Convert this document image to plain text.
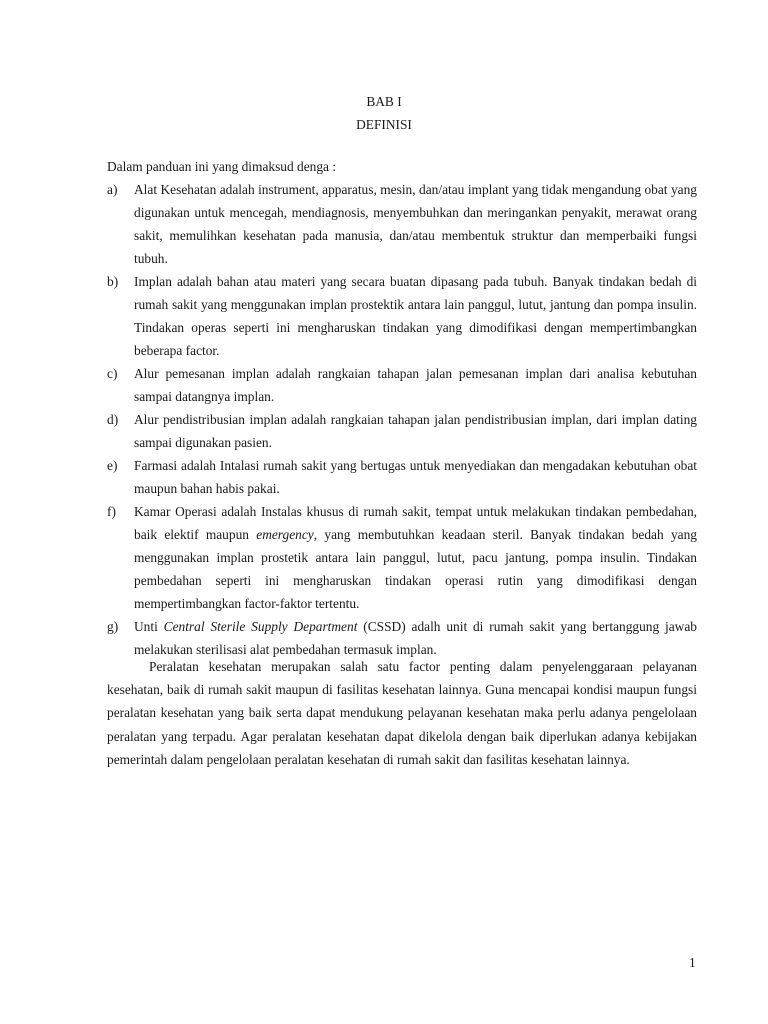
BAB I
DEFINISI
Dalam panduan ini yang dimaksud denga :
a)	Alat Kesehatan adalah instrument, apparatus, mesin, dan/atau implant yang tidak mengandung obat yang digunakan untuk mencegah, mendiagnosis, menyembuhkan dan meringankan penyakit, merawat orang sakit, memulihkan kesehatan pada manusia, dan/atau membentuk struktur dan memperbaiki fungsi tubuh.
b)	Implan adalah bahan atau materi yang secara buatan dipasang pada tubuh. Banyak tindakan bedah di rumah sakit yang menggunakan implan prostektik antara lain panggul, lutut, jantung dan pompa insulin. Tindakan operas seperti ini mengharuskan tindakan yang dimodifikasi dengan mempertimbangkan beberapa factor.
c)	Alur pemesanan implan adalah rangkaian tahapan jalan pemesanan implan dari analisa kebutuhan sampai datangnya implan.
d)	Alur pendistribusian implan adalah rangkaian tahapan jalan pendistribusian implan, dari implan dating sampai digunakan pasien.
e)	Farmasi adalah Intalasi rumah sakit yang bertugas untuk menyediakan dan mengadakan kebutuhan obat maupun bahan habis pakai.
f)	Kamar Operasi adalah Instalas khusus di rumah sakit, tempat untuk melakukan tindakan pembedahan, baik elektif maupun emergency, yang membutuhkan keadaan steril. Banyak tindakan bedah yang menggunakan implan prostetik antara lain panggul, lutut, pacu jantung, pompa insulin. Tindakan pembedahan seperti ini mengharuskan tindakan operasi rutin yang dimodifikasi dengan mempertimbangkan factor-faktor tertentu.
g)	Unti Central Sterile Supply Department (CSSD) adalh unit di rumah sakit yang bertanggung jawab melakukan sterilisasi alat pembedahan termasuk implan.
Peralatan kesehatan merupakan salah satu factor penting dalam penyelenggaraan pelayanan kesehatan, baik di rumah sakit maupun di fasilitas kesehatan lainnya. Guna mencapai kondisi maupun fungsi peralatan kesehatan yang baik serta dapat mendukung pelayanan kesehatan maka perlu adanya pengelolaan peralatan yang terpadu. Agar peralatan kesehatan dapat dikelola dengan baik diperlukan adanya kebijakan pemerintah dalam pengelolaan peralatan kesehatan di rumah sakit dan fasilitas kesehatan lainnya.
1
